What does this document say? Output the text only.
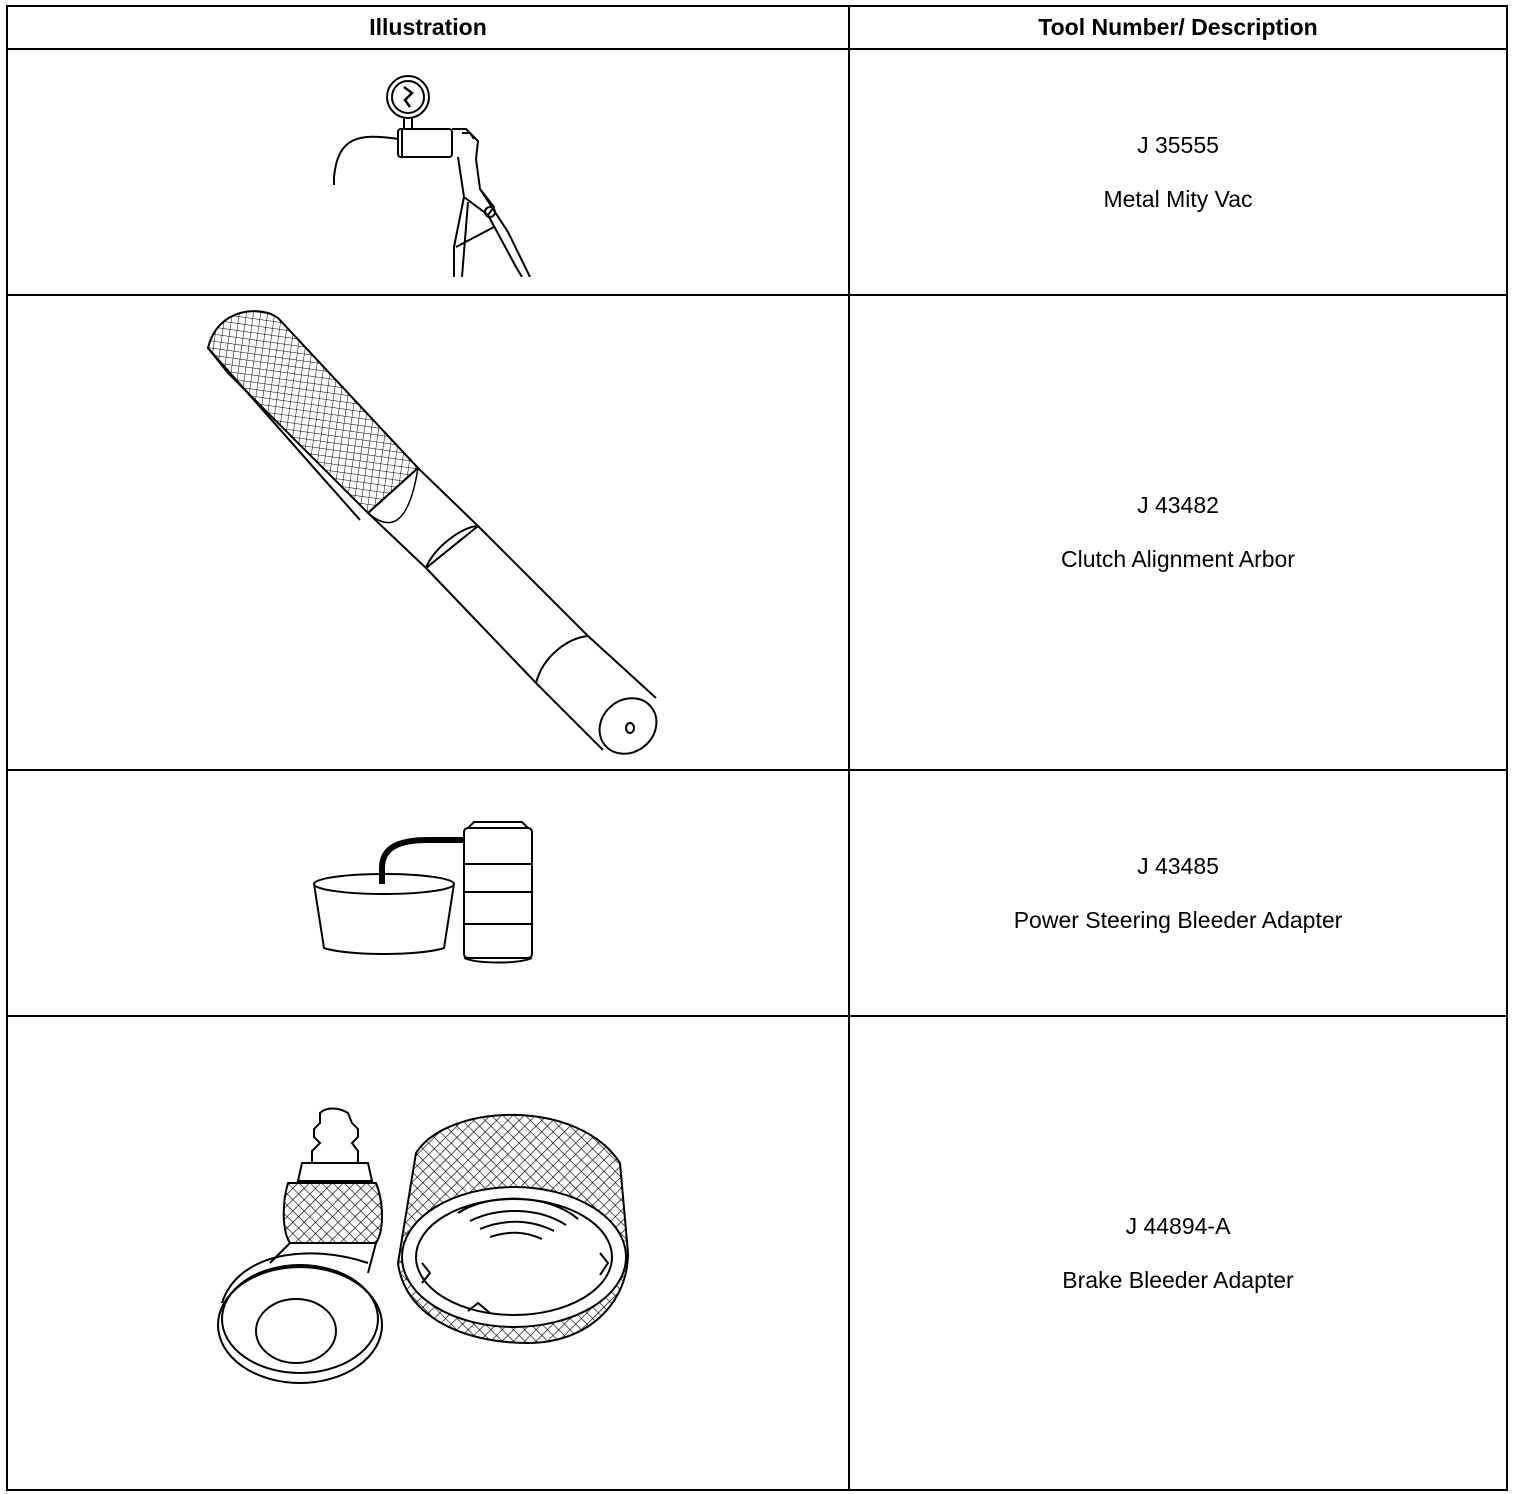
Illustration	Tool Number/ Description

J 35555
Metal Mity Vac

J 43482
Clutch Alignment Arbor

J 43485
Power Steering Bleeder Adapter

J 44894-A
Brake Bleeder Adapter
